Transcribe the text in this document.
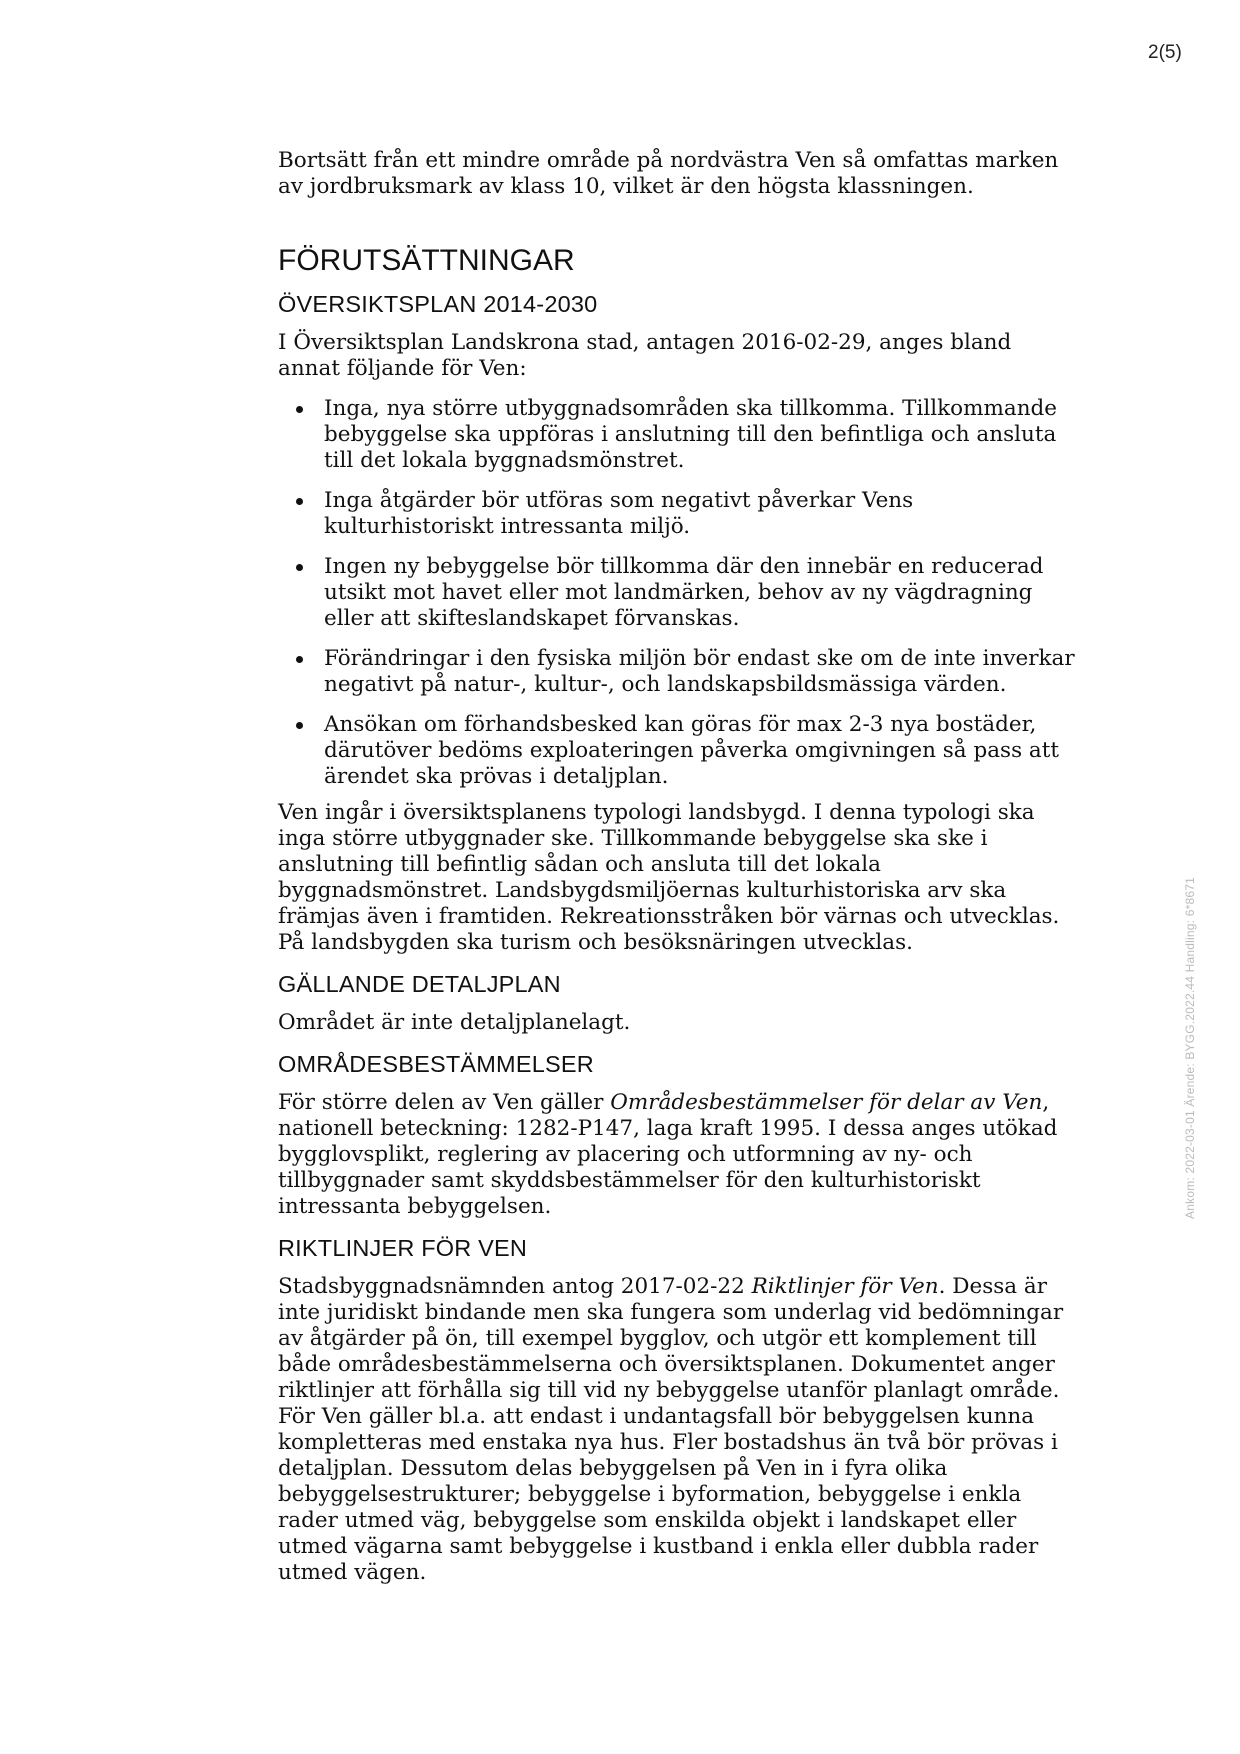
2(5)

Bortsätt från ett mindre område på nordvästra Ven så omfattas marken av jordbruksmark av klass 10, vilket är den högsta klassningen.

FÖRUTSÄTTNINGAR
ÖVERSIKTSPLAN 2014-2030

I Översiktsplan Landskrona stad, antagen 2016-02-29, anges bland annat följande för Ven:

Inga, nya större utbyggnadsområden ska tillkomma. Tillkommande bebyggelse ska uppföras i anslutning till den befintliga och ansluta till det lokala byggnadsmönstret.
Inga åtgärder bör utföras som negativt påverkar Vens kulturhistoriskt intressanta miljö.
Ingen ny bebyggelse bör tillkomma där den innebär en reducerad utsikt mot havet eller mot landmärken, behov av ny vägdragning eller att skifteslandskapet förvanskas.
Förändringar i den fysiska miljön bör endast ske om de inte inverkar negativt på natur-, kultur-, och landskapsbildsmässiga värden.
Ansökan om förhandsbesked kan göras för max 2-3 nya bostäder, därutöver bedöms exploateringen påverka omgivningen så pass att ärendet ska prövas i detaljplan.

Ven ingår i översiktsplanens typologi landsbygd. I denna typologi ska inga större utbyggnader ske. Tillkommande bebyggelse ska ske i anslutning till befintlig sådan och ansluta till det lokala byggnadsmönstret. Landsbygdsmiljöernas kulturhistoriska arv ska främjas även i framtiden. Rekreationsstråken bör värnas och utvecklas. På landsbygden ska turism och besöksnäringen utvecklas.

GÄLLANDE DETALJPLAN

Området är inte detaljplanelagt.

OMRÅDESBESTÄMMELSER

För större delen av Ven gäller Områdesbestämmelser för delar av Ven, nationell beteckning: 1282-P147, laga kraft 1995. I dessa anges utökad bygglovsplikt, reglering av placering och utformning av ny- och tillbyggnader samt skyddsbestämmelser för den kulturhistoriskt intressanta bebyggelsen.

RIKTLINJER FÖR VEN

Stadsbyggnadsnämnden antog 2017-02-22 Riktlinjer för Ven. Dessa är inte juridiskt bindande men ska fungera som underlag vid bedömningar av åtgärder på ön, till exempel bygglov, och utgör ett komplement till både områdesbestämmelserna och översiktsplanen. Dokumentet anger riktlinjer att förhålla sig till vid ny bebyggelse utanför planlagt område. För Ven gäller bl.a. att endast i undantagsfall bör bebyggelsen kunna kompletteras med enstaka nya hus. Fler bostadshus än två bör prövas i detaljplan. Dessutom delas bebyggelsen på Ven in i fyra olika bebyggelsestrukturer; bebyggelse i byformation, bebyggelse i enkla rader utmed väg, bebyggelse som enskilda objekt i landskapet eller utmed vägarna samt bebyggelse i kustband i enkla eller dubbla rader utmed vägen.

Ankom: 2022-03-01 Ärende: BYGG.2022.44 Handling: 6*8671
